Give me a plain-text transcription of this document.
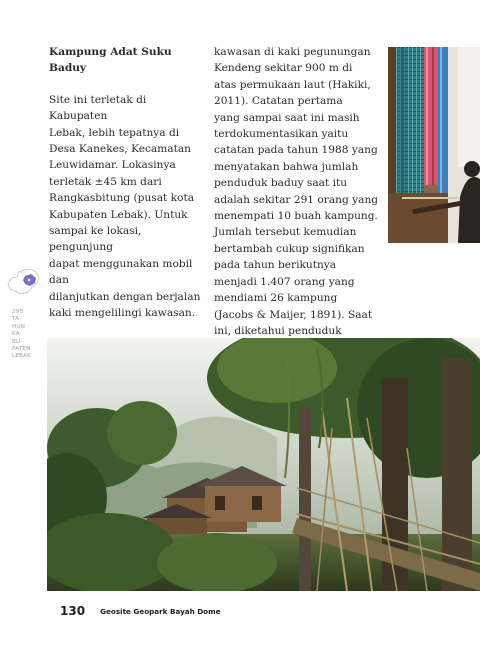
Kampung Adat Suku Baduy

Site ini terletak di Kabupaten
Lebak, lebih tepatnya di
Desa Kanekes, Kecamatan
Leuwidamar. Lokasinya
terletak ±45 km dari
Rangkasbitung (pusat kota
Kabupaten Lebak). Untuk
sampai ke lokasi, pengunjung
dapat menggunakan mobil dan
dilanjutkan dengan berjalan
kaki mengelilingi kawasan.

kawasan di kaki pegunungan
Kendeng sekitar 900 m di
atas permukaan laut (Hakiki,
2011). Catatan pertama
yang sampai saat ini masih
terdokumentasikan yaitu
catatan pada tahun 1988 yang
menyatakan bahwa jumlah
penduduk baduy saat itu
adalah sekitar 291 orang yang
menempati 10 buah kampung.
Jumlah tersebut kemudian
bertambah cukup signifikan
pada tahun berikutnya
menjadi 1.407 orang yang
mendiami 26 kampung
(Jacobs & Maijer, 1891). Saat
ini, diketahui penduduk

295
TA-
HUN
KA-
BU-
PATEN
LEBAK
130 Geosite Geopark Bayah Dome
